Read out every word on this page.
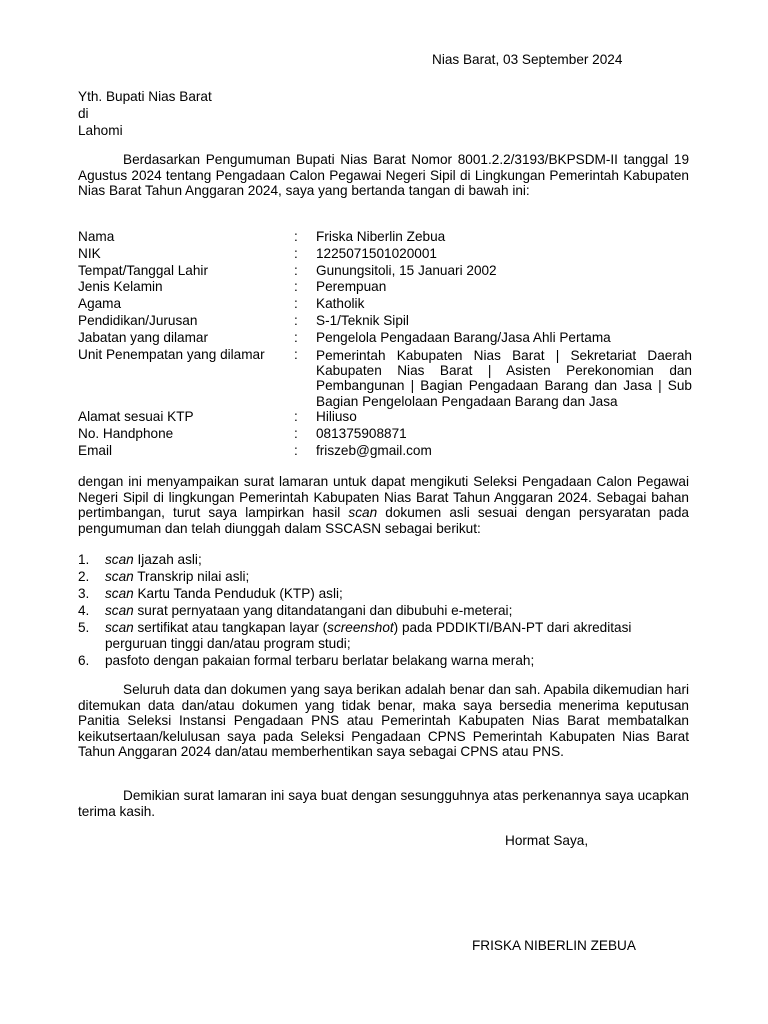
Nias Barat, 03 September 2024
Yth. Bupati Nias Barat
di
Lahomi
Berdasarkan Pengumuman Bupati Nias Barat Nomor 8001.2.2/3193/BKPSDM-II tanggal 19 Agustus 2024 tentang Pengadaan Calon Pegawai Negeri Sipil di Lingkungan Pemerintah Kabupaten Nias Barat Tahun Anggaran 2024, saya yang bertanda tangan di bawah ini:
Nama	:	Friska Niberlin Zebua
NIK	:	1225071501020001
Tempat/Tanggal Lahir	:	Gunungsitoli, 15 Januari 2002
Jenis Kelamin	:	Perempuan
Agama	:	Katholik
Pendidikan/Jurusan	:	S-1/Teknik Sipil
Jabatan yang dilamar	:	Pengelola Pengadaan Barang/Jasa Ahli Pertama
Unit Penempatan yang dilamar	:	Pemerintah Kabupaten Nias Barat | Sekretariat Daerah Kabupaten Nias Barat | Asisten Perekonomian dan Pembangunan | Bagian Pengadaan Barang dan Jasa | Sub Bagian Pengelolaan Pengadaan Barang dan Jasa
Alamat sesuai KTP	:	Hiliuso
No. Handphone	:	081375908871
Email	:	friszeb@gmail.com
dengan ini menyampaikan surat lamaran untuk dapat mengikuti Seleksi Pengadaan Calon Pegawai Negeri Sipil di lingkungan Pemerintah Kabupaten Nias Barat Tahun Anggaran 2024. Sebagai bahan pertimbangan, turut saya lampirkan hasil scan dokumen asli sesuai dengan persyaratan pada pengumuman dan telah diunggah dalam SSCASN sebagai berikut:
1. scan Ijazah asli;
2. scan Transkrip nilai asli;
3. scan Kartu Tanda Penduduk (KTP) asli;
4. scan surat pernyataan yang ditandatangani dan dibubuhi e-meterai;
5. scan sertifikat atau tangkapan layar (screenshot) pada PDDIKTI/BAN-PT dari akreditasi perguruan tinggi dan/atau program studi;
6. pasfoto dengan pakaian formal terbaru berlatar belakang warna merah;
Seluruh data dan dokumen yang saya berikan adalah benar dan sah. Apabila dikemudian hari ditemukan data dan/atau dokumen yang tidak benar, maka saya bersedia menerima keputusan Panitia Seleksi Instansi Pengadaan PNS atau Pemerintah Kabupaten Nias Barat membatalkan keikutsertaan/kelulusan saya pada Seleksi Pengadaan CPNS Pemerintah Kabupaten Nias Barat Tahun Anggaran 2024 dan/atau memberhentikan saya sebagai CPNS atau PNS.
Demikian surat lamaran ini saya buat dengan sesungguhnya atas perkenannya saya ucapkan terima kasih.
Hormat Saya,
FRISKA NIBERLIN ZEBUA
